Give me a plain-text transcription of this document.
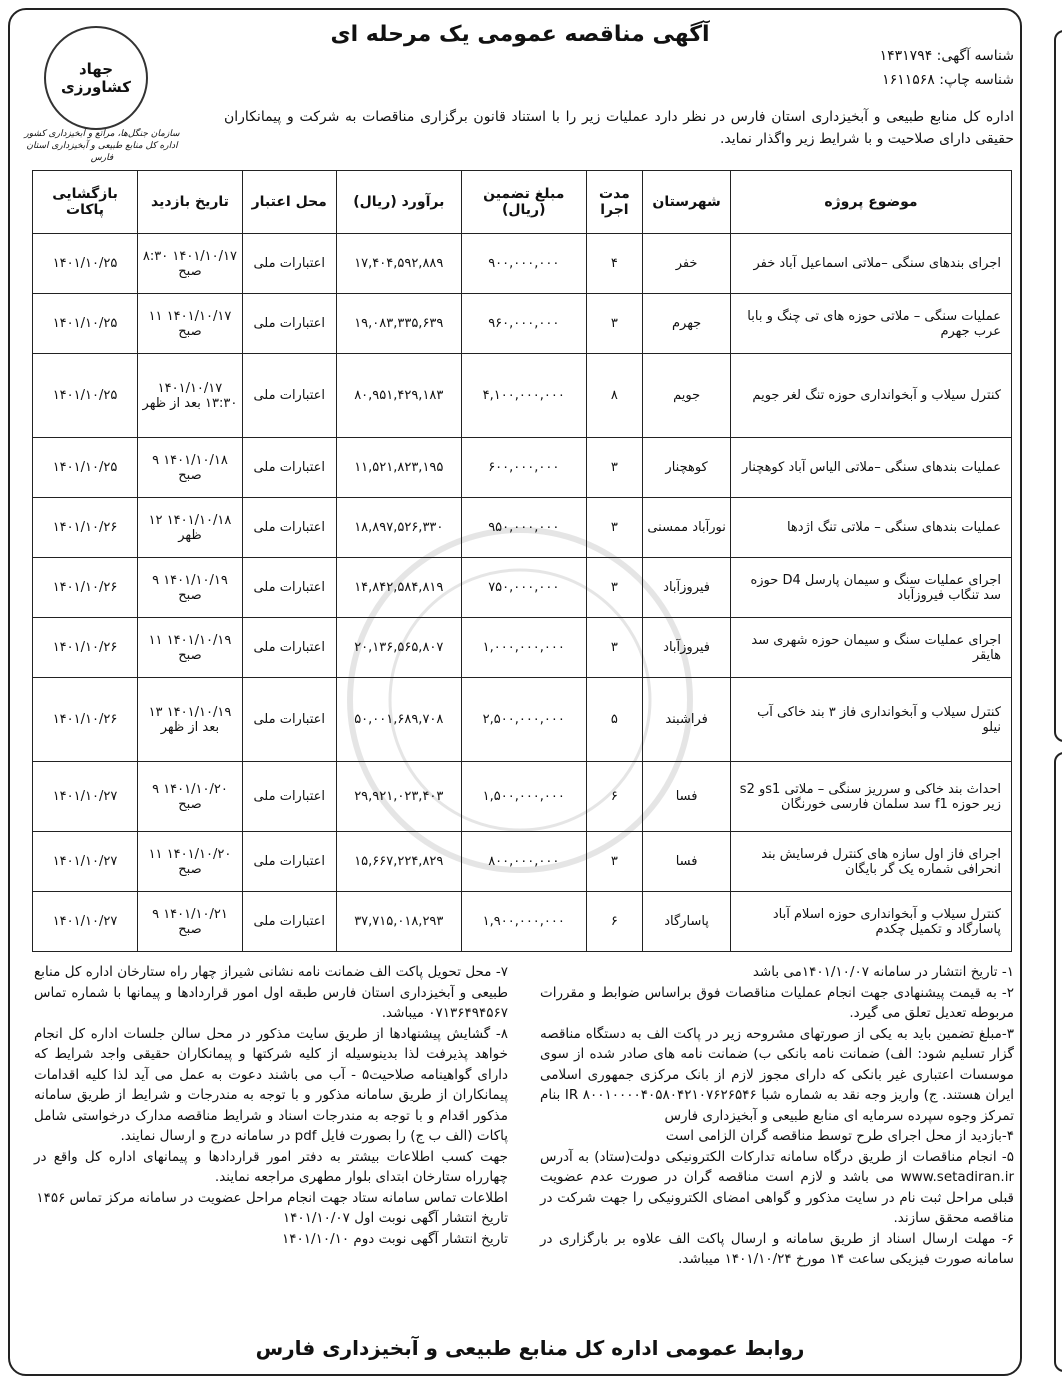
جهاد
کشاورزی
سازمان جنگل‌ها، مراتع و آبخیزداری کشور
اداره کل منابع طبیعی و آبخیزداری استان فارس
آگهی مناقصه عمومی یک مرحله ای
شناسه آگهی: ۱۴۳۱۷۹۴
شناسه چاپ: ۱۶۱۱۵۶۸
اداره کل منابع طبیعی و آبخیزداری استان فارس در نظر دارد عملیات زیر را با استناد قانون برگزاری مناقصات به شرکت و پیمانکاران حقیقی دارای صلاحیت و با شرایط زیر واگذار نماید.
موضوع پروژه	شهرستان	مدت اجرا	مبلغ تضمین (ریال)	برآورد (ریال)	محل اعتبار	تاریخ بازدید	بازگشایی پاکات
اجرای بندهای سنگی –ملاتی اسماعیل آباد خفر	خفر	۴	۹۰۰,۰۰۰,۰۰۰	۱۷,۴۰۴,۵۹۲,۸۸۹	اعتبارات ملی	۱۴۰۱/۱۰/۱۷ ۸:۳۰ صبح	۱۴۰۱/۱۰/۲۵
عملیات سنگی – ملاتی حوزه های تی چنگ و بابا عرب جهرم	جهرم	۳	۹۶۰,۰۰۰,۰۰۰	۱۹,۰۸۳,۳۳۵,۶۳۹	اعتبارات ملی	۱۴۰۱/۱۰/۱۷ ۱۱ صبح	۱۴۰۱/۱۰/۲۵
کنترل سیلاب و آبخوانداری حوزه تنگ لغر جویم	جویم	۸	۴,۱۰۰,۰۰۰,۰۰۰	۸۰,۹۵۱,۴۲۹,۱۸۳	اعتبارات ملی	۱۴۰۱/۱۰/۱۷ ۱۳:۳۰ بعد از ظهر	۱۴۰۱/۱۰/۲۵
عملیات بندهای سنگی –ملاتی الیاس آباد کوهچنار	کوهچنار	۳	۶۰۰,۰۰۰,۰۰۰	۱۱,۵۲۱,۸۲۳,۱۹۵	اعتبارات ملی	۱۴۰۱/۱۰/۱۸ ۹ صبح	۱۴۰۱/۱۰/۲۵
عملیات بندهای سنگی – ملاتی تنگ اژدها	نورآباد ممسنی	۳	۹۵۰,۰۰۰,۰۰۰	۱۸,۸۹۷,۵۲۶,۳۳۰	اعتبارات ملی	۱۴۰۱/۱۰/۱۸ ۱۲ ظهر	۱۴۰۱/۱۰/۲۶
اجرای عملیات سنگ و سیمان پارسل D4 حوزه سد تنگاب فیروزآباد	فیروزآباد	۳	۷۵۰,۰۰۰,۰۰۰	۱۴,۸۴۲,۵۸۴,۸۱۹	اعتبارات ملی	۱۴۰۱/۱۰/۱۹ ۹ صبح	۱۴۰۱/۱۰/۲۶
اجرای عملیات سنگ و سیمان حوزه شهری سد هایقر	فیروزآباد	۳	۱,۰۰۰,۰۰۰,۰۰۰	۲۰,۱۳۶,۵۶۵,۸۰۷	اعتبارات ملی	۱۴۰۱/۱۰/۱۹ ۱۱ صبح	۱۴۰۱/۱۰/۲۶
کنترل سیلاب و آبخوانداری فاز ۳ بند خاکی آب نیلو	فراشبند	۵	۲,۵۰۰,۰۰۰,۰۰۰	۵۰,۰۰۱,۶۸۹,۷۰۸	اعتبارات ملی	۱۴۰۱/۱۰/۱۹ ۱۳ بعد از ظهر	۱۴۰۱/۱۰/۲۶
احداث بند خاکی و سرریز سنگی – ملاتی s1و s2 زیر حوزه f1 سد سلمان فارسی خورنگان	فسا	۶	۱,۵۰۰,۰۰۰,۰۰۰	۲۹,۹۲۱,۰۲۳,۴۰۳	اعتبارات ملی	۱۴۰۱/۱۰/۲۰ ۹ صبح	۱۴۰۱/۱۰/۲۷
اجرای فاز اول سازه های کنترل فرسایش بند انحرافی شماره یک گر بایگان	فسا	۳	۸۰۰,۰۰۰,۰۰۰	۱۵,۶۶۷,۲۲۴,۸۲۹	اعتبارات ملی	۱۴۰۱/۱۰/۲۰ ۱۱ صبح	۱۴۰۱/۱۰/۲۷
کنترل سیلاب و آبخوانداری حوزه اسلام آباد پاسارگاد و تکمیل چکدم	پاسارگاد	۶	۱,۹۰۰,۰۰۰,۰۰۰	۳۷,۷۱۵,۰۱۸,۲۹۳	اعتبارات ملی	۱۴۰۱/۱۰/۲۱ ۹ صبح	۱۴۰۱/۱۰/۲۷

۱- تاریخ انتشار در سامانه ۱۴۰۱/۱۰/۰۷می باشد

۲- به قیمت پیشنهادی جهت انجام عملیات مناقصات فوق براساس ضوابط و مقررات مربوطه تعدیل تعلق می گیرد.

۳-مبلغ تضمین باید به یکی از صورتهای مشروحه زیر در پاکت الف به دستگاه مناقصه گزار تسلیم شود: الف) ضمانت نامه بانکی ب) ضمانت نامه های صادر شده از سوی موسسات اعتباری غیر بانکی که دارای مجوز لازم از بانک مرکزی جمهوری اسلامی ایران هستند. ج) واریز وجه نقد به شماره شبا IR ۸۰۰۱۰۰۰۰۴۰۵۸۰۴۲۱۰۷۶۲۶۵۴۶ بنام تمرکز وجوه سپرده سرمایه ای منابع طبیعی و آبخیزداری فارس

۴-بازدید از محل اجرای طرح توسط مناقصه گران الزامی است

۵- انجام مناقصات از طریق درگاه سامانه تدارکات الکترونیکی دولت(ستاد) به آدرس www.setadiran.ir می باشد و لازم است مناقصه گران در صورت عدم عضویت قبلی مراحل ثبت نام در سایت مذکور و گواهی امضای الکترونیکی را جهت شرکت در مناقصه محقق سازند.

۶- مهلت ارسال اسناد از طریق سامانه و ارسال پاکت الف علاوه بر بارگزاری در سامانه صورت فیزیکی ساعت ۱۴ مورخ ۱۴۰۱/۱۰/۲۴ میباشد.

۷- محل تحویل پاکت الف ضمانت نامه نشانی شیراز چهار راه ستارخان اداره کل منابع طبیعی و آبخیزداری استان فارس طبقه اول امور قراردادها و پیمانها با شماره تماس ۰۷۱۳۶۴۹۴۵۶۷ میباشد.

۸- گشایش پیشنهادها از طریق سایت مذکور در محل سالن جلسات اداره کل انجام خواهد پذیرفت لذا بدینوسیله از کلیه شرکتها و پیمانکاران حقیقی واجد شرایط که دارای گواهینامه صلاحیت۵ - آب می باشند دعوت به عمل می آید لذا کلیه اقدامات پیمانکاران از طریق سامانه مذکور و با توجه به مندرجات و شرایط از طریق سامانه مذکور اقدام و با توجه به مندرجات اسناد و شرایط مناقصه مدارک درخواستی شامل پاکات (الف ب ج) را بصورت فایل pdf در سامانه درج و ارسال نمایند.

جهت کسب اطلاعات بیشتر به دفتر امور قراردادها و پیمانهای اداره کل واقع در چهارراه ستارخان ابتدای بلوار مطهری مراجعه نمایند.

اطلاعات تماس سامانه ستاد جهت انجام مراحل عضویت در سامانه مرکز تماس ۱۴۵۶

تاریخ انتشار آگهی نوبت اول ۱۴۰۱/۱۰/۰۷

تاریخ انتشار آگهی نوبت دوم ۱۴۰۱/۱۰/۱۰

روابط عمومی اداره کل منابع طبیعی و آبخیزداری فارس
